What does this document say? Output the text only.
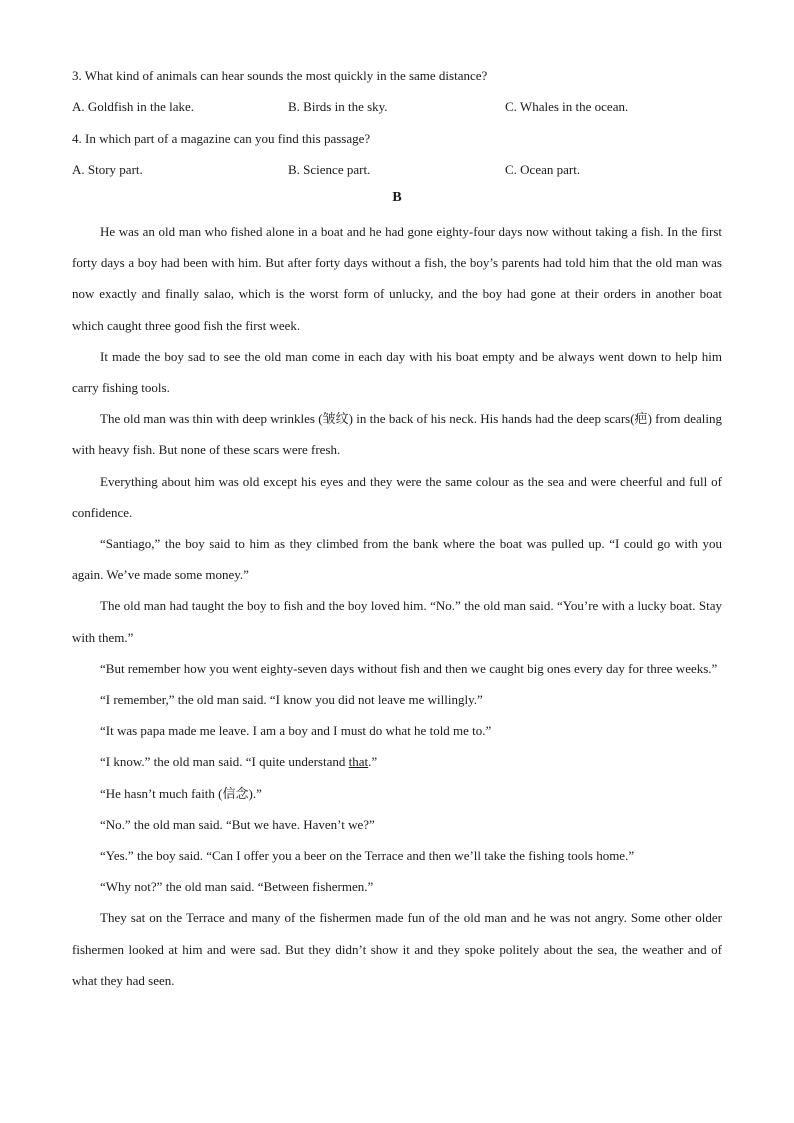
3. What kind of animals can hear sounds the most quickly in the same distance?
A. Goldfish in the lake.	B. Birds in the sky.	C. Whales in the ocean.
4. In which part of a magazine can you find this passage?
A. Story part.	B. Science part.	C. Ocean part.
B

He was an old man who fished alone in a boat and he had gone eighty-four days now without taking a fish. In the first forty days a boy had been with him. But after forty days without a fish, the boy’s parents had told him that the old man was now exactly and finally salao, which is the worst form of unlucky, and the boy had gone at their orders in another boat which caught three good fish the first week.

It made the boy sad to see the old man come in each day with his boat empty and be always went down to help him carry fishing tools.

The old man was thin with deep wrinkles (皱纹) in the back of his neck. His hands had the deep scars(疤) from dealing with heavy fish. But none of these scars were fresh.

Everything about him was old except his eyes and they were the same colour as the sea and were cheerful and full of confidence.

“Santiago,” the boy said to him as they climbed from the bank where the boat was pulled up. “I could go with you again. We’ve made some money.”

The old man had taught the boy to fish and the boy loved him. “No.” the old man said. “You’re with a lucky boat. Stay with them.”

“But remember how you went eighty-seven days without fish and then we caught big ones every day for three weeks.”

“I remember,” the old man said. “I know you did not leave me willingly.”

“It was papa made me leave. I am a boy and I must do what he told me to.”

“I know.” the old man said. “I quite understand that.”

“He hasn’t much faith (信念).”

“No.” the old man said. “But we have. Haven’t we?”

“Yes.” the boy said. “Can I offer you a beer on the Terrace and then we’ll take the fishing tools home.”

“Why not?” the old man said. “Between fishermen.”

They sat on the Terrace and many of the fishermen made fun of the old man and he was not angry. Some other older fishermen looked at him and were sad. But they didn’t show it and they spoke politely about the sea, the weather and of what they had seen.
